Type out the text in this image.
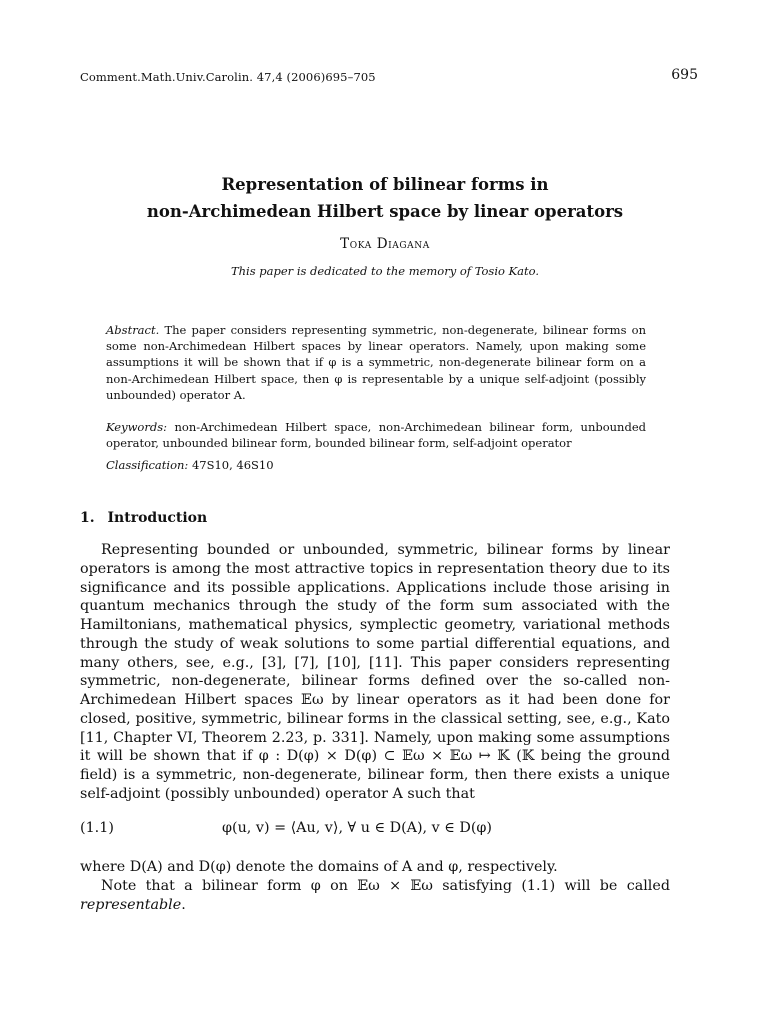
Comment.Math.Univ.Carolin. 47,4 (2006)695–705	695
Representation of bilinear forms in
non-Archimedean Hilbert space by linear operators
Toka Diagana
This paper is dedicated to the memory of Tosio Kato.
Abstract. The paper considers representing symmetric, non-degenerate, bilinear forms on some non-Archimedean Hilbert spaces by linear operators. Namely, upon making some assumptions it will be shown that if φ is a symmetric, non-degenerate bilinear form on a non-Archimedean Hilbert space, then φ is representable by a unique self-adjoint (possibly unbounded) operator A.
Keywords: non-Archimedean Hilbert space, non-Archimedean bilinear form, unbounded operator, unbounded bilinear form, bounded bilinear form, self-adjoint operator
Classification: 47S10, 46S10
1. Introduction
Representing bounded or unbounded, symmetric, bilinear forms by linear operators is among the most attractive topics in representation theory due to its significance and its possible applications. Applications include those arising in quantum mechanics through the study of the form sum associated with the Hamiltonians, mathematical physics, symplectic geometry, variational methods through the study of weak solutions to some partial differential equations, and many others, see, e.g., [3], [7], [10], [11]. This paper considers representing symmetric, non-degenerate, bilinear forms defined over the so-called non-Archimedean Hilbert spaces 𝔼ω by linear operators as it had been done for closed, positive, symmetric, bilinear forms in the classical setting, see, e.g., Kato [11, Chapter VI, Theorem 2.23, p. 331]. Namely, upon making some assumptions it will be shown that if φ : D(φ) × D(φ) ⊂ 𝔼ω × 𝔼ω ↦ 𝕂 (𝕂 being the ground field) is a symmetric, non-degenerate, bilinear form, then there exists a unique self-adjoint (possibly unbounded) operator A such that
(1.1)	φ(u, v) = ⟨Au, v⟩, ∀ u ∈ D(A), v ∈ D(φ)
where D(A) and D(φ) denote the domains of A and φ, respectively.
Note that a bilinear form φ on 𝔼ω × 𝔼ω satisfying (1.1) will be called representable.
